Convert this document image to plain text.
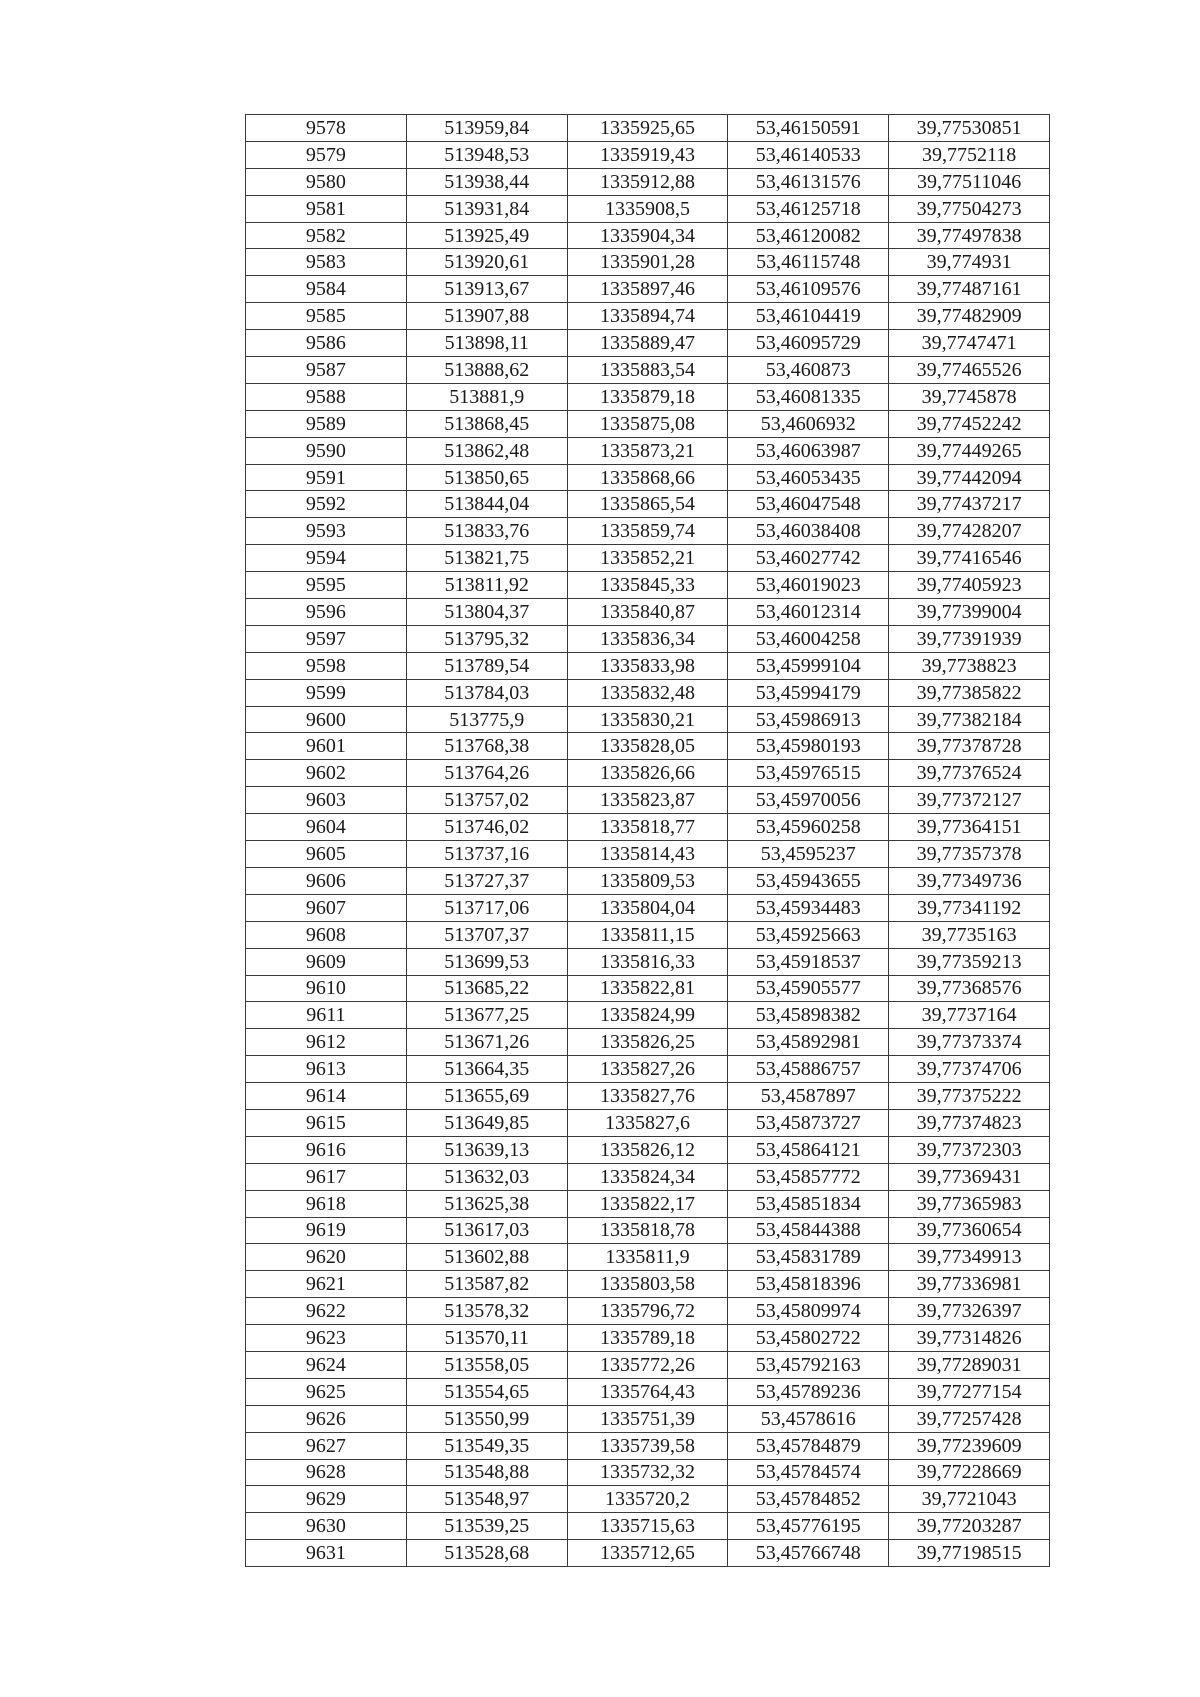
9578	513959,84	1335925,65	53,46150591	39,77530851
9579	513948,53	1335919,43	53,46140533	39,7752118
9580	513938,44	1335912,88	53,46131576	39,77511046
9581	513931,84	1335908,5	53,46125718	39,77504273
9582	513925,49	1335904,34	53,46120082	39,77497838
9583	513920,61	1335901,28	53,46115748	39,774931
9584	513913,67	1335897,46	53,46109576	39,77487161
9585	513907,88	1335894,74	53,46104419	39,77482909
9586	513898,11	1335889,47	53,46095729	39,7747471
9587	513888,62	1335883,54	53,460873	39,77465526
9588	513881,9	1335879,18	53,46081335	39,7745878
9589	513868,45	1335875,08	53,4606932	39,77452242
9590	513862,48	1335873,21	53,46063987	39,77449265
9591	513850,65	1335868,66	53,46053435	39,77442094
9592	513844,04	1335865,54	53,46047548	39,77437217
9593	513833,76	1335859,74	53,46038408	39,77428207
9594	513821,75	1335852,21	53,46027742	39,77416546
9595	513811,92	1335845,33	53,46019023	39,77405923
9596	513804,37	1335840,87	53,46012314	39,77399004
9597	513795,32	1335836,34	53,46004258	39,77391939
9598	513789,54	1335833,98	53,45999104	39,7738823
9599	513784,03	1335832,48	53,45994179	39,77385822
9600	513775,9	1335830,21	53,45986913	39,77382184
9601	513768,38	1335828,05	53,45980193	39,77378728
9602	513764,26	1335826,66	53,45976515	39,77376524
9603	513757,02	1335823,87	53,45970056	39,77372127
9604	513746,02	1335818,77	53,45960258	39,77364151
9605	513737,16	1335814,43	53,4595237	39,77357378
9606	513727,37	1335809,53	53,45943655	39,77349736
9607	513717,06	1335804,04	53,45934483	39,77341192
9608	513707,37	1335811,15	53,45925663	39,7735163
9609	513699,53	1335816,33	53,45918537	39,77359213
9610	513685,22	1335822,81	53,45905577	39,77368576
9611	513677,25	1335824,99	53,45898382	39,7737164
9612	513671,26	1335826,25	53,45892981	39,77373374
9613	513664,35	1335827,26	53,45886757	39,77374706
9614	513655,69	1335827,76	53,4587897	39,77375222
9615	513649,85	1335827,6	53,45873727	39,77374823
9616	513639,13	1335826,12	53,45864121	39,77372303
9617	513632,03	1335824,34	53,45857772	39,77369431
9618	513625,38	1335822,17	53,45851834	39,77365983
9619	513617,03	1335818,78	53,45844388	39,77360654
9620	513602,88	1335811,9	53,45831789	39,77349913
9621	513587,82	1335803,58	53,45818396	39,77336981
9622	513578,32	1335796,72	53,45809974	39,77326397
9623	513570,11	1335789,18	53,45802722	39,77314826
9624	513558,05	1335772,26	53,45792163	39,77289031
9625	513554,65	1335764,43	53,45789236	39,77277154
9626	513550,99	1335751,39	53,4578616	39,77257428
9627	513549,35	1335739,58	53,45784879	39,77239609
9628	513548,88	1335732,32	53,45784574	39,77228669
9629	513548,97	1335720,2	53,45784852	39,7721043
9630	513539,25	1335715,63	53,45776195	39,77203287
9631	513528,68	1335712,65	53,45766748	39,77198515
